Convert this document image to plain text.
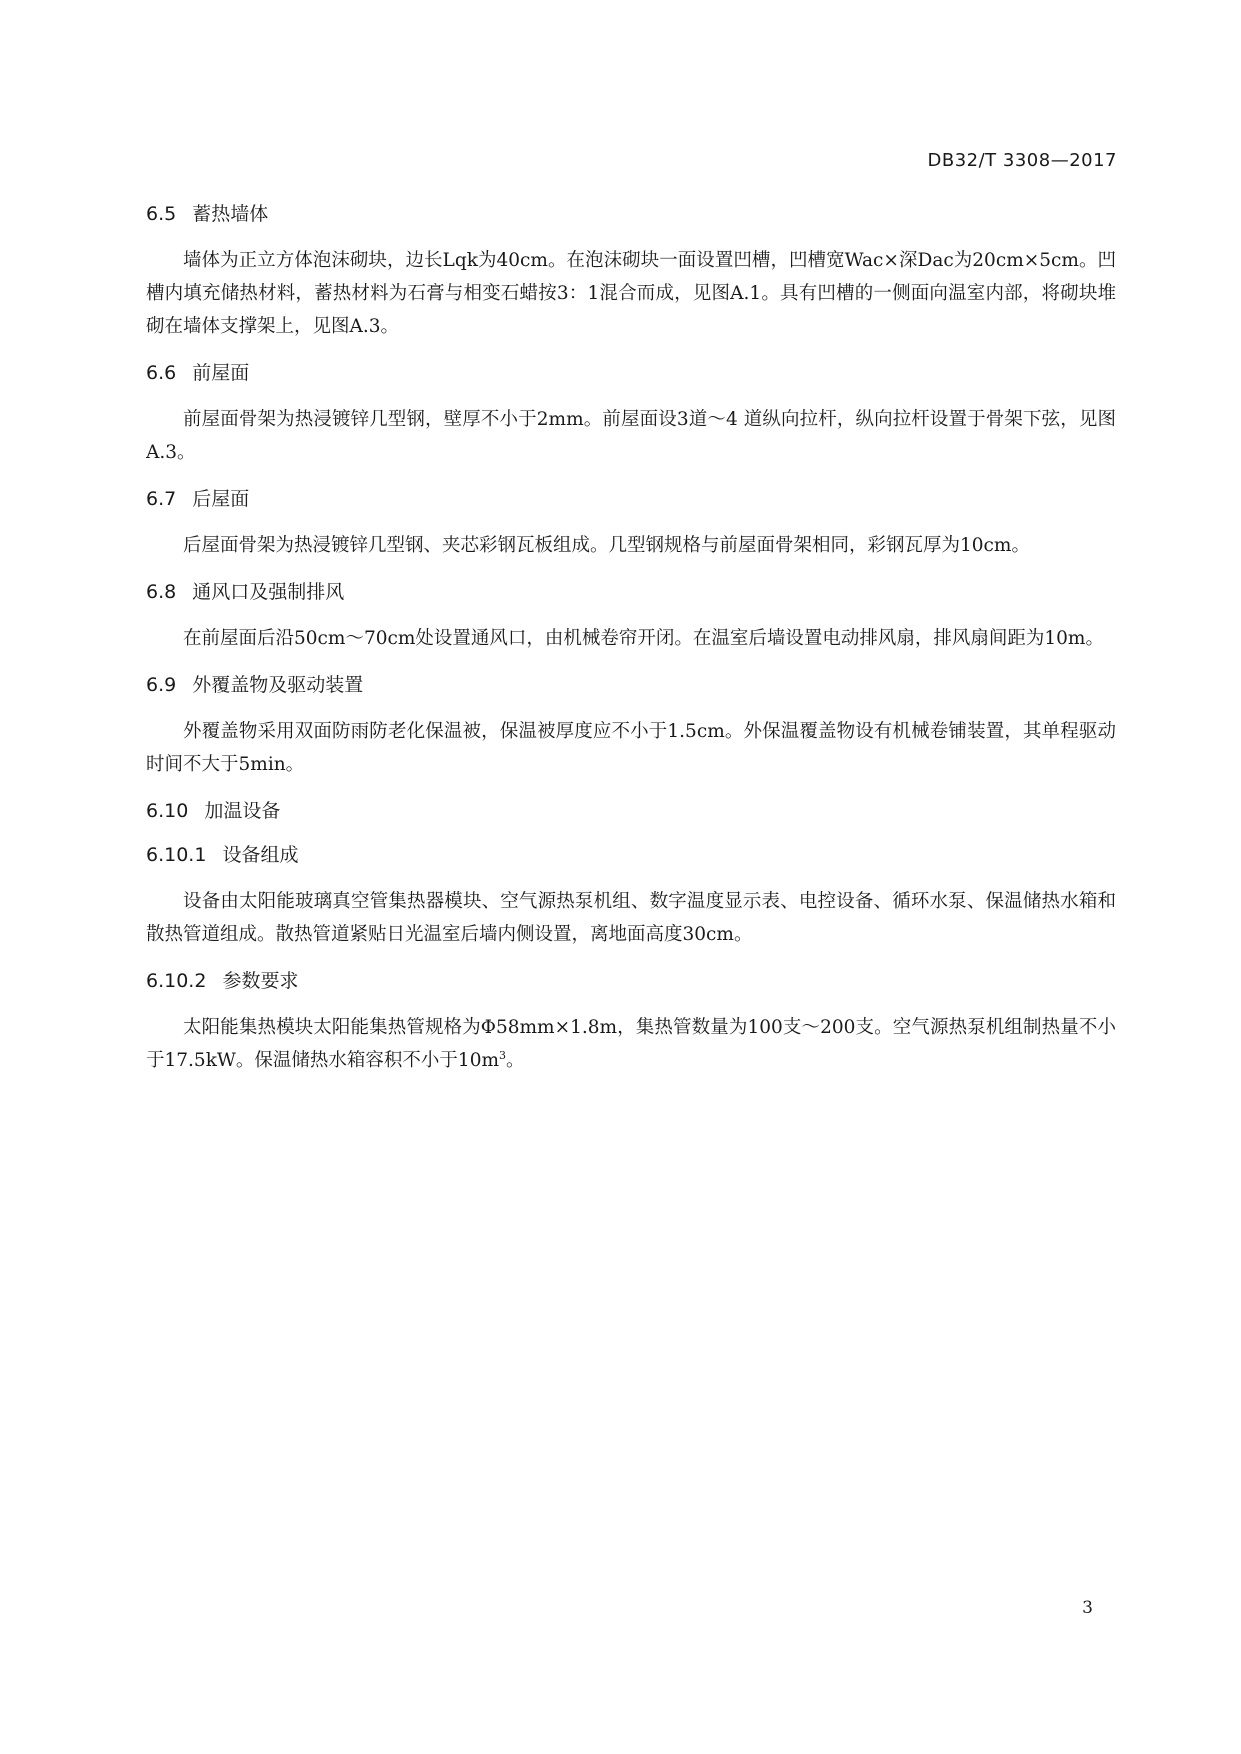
DB32/T 3308—2017
6.5 蓄热墙体

墙体为正立方体泡沫砌块，边长Lqk为40cm。在泡沫砌块一面设置凹槽，凹槽宽Wac×深Dac为20cm×5cm。凹槽内填充储热材料，蓄热材料为石膏与相变石蜡按3：1混合而成，见图A.1。具有凹槽的一侧面向温室内部，将砌块堆砌在墙体支撑架上，见图A.3。

6.6 前屋面

前屋面骨架为热浸镀锌几型钢，壁厚不小于2mm。前屋面设3道～4 道纵向拉杆，纵向拉杆设置于骨架下弦，见图A.3。

6.7 后屋面

后屋面骨架为热浸镀锌几型钢、夹芯彩钢瓦板组成。几型钢规格与前屋面骨架相同，彩钢瓦厚为10cm。

6.8 通风口及强制排风

在前屋面后沿50cm～70cm处设置通风口，由机械卷帘开闭。在温室后墙设置电动排风扇，排风扇间距为10m。

6.9 外覆盖物及驱动装置

外覆盖物采用双面防雨防老化保温被，保温被厚度应不小于1.5cm。外保温覆盖物设有机械卷铺装置，其单程驱动时间不大于5min。

6.10 加温设备
6.10.1 设备组成

设备由太阳能玻璃真空管集热器模块、空气源热泵机组、数字温度显示表、电控设备、循环水泵、保温储热水箱和散热管道组成。散热管道紧贴日光温室后墙内侧设置，离地面高度30cm。

6.10.2 参数要求

太阳能集热模块太阳能集热管规格为Φ58mm×1.8m，集热管数量为100支～200支。空气源热泵机组制热量不小于17.5kW。保温储热水箱容积不小于$10m^3$。

3
